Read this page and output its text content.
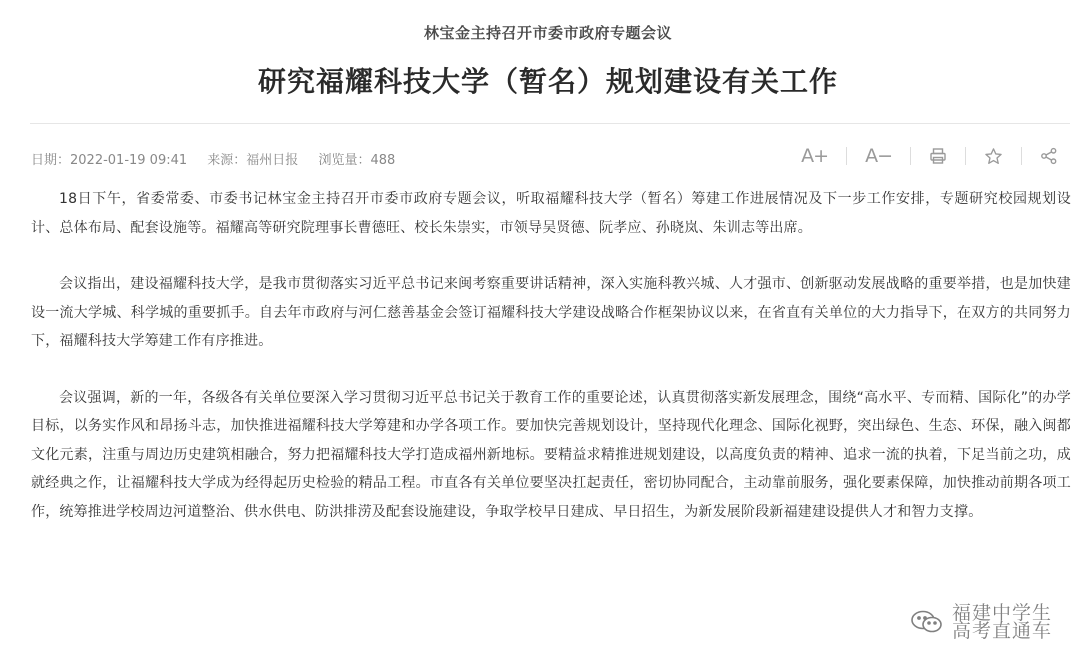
林宝金主持召开市委市政府专题会议
研究福耀科技大学（暂名）规划建设有关工作
日期：2022-01-19 09:41 来源：福州日报 浏览量：488	A+ A−

18日下午，省委常委、市委书记林宝金主持召开市委市政府专题会议，听取福耀科技大学（暂名）筹建工作进展情况及下一步工作安排，专题研究校园规划设计、总体布局、配套设施等。福耀高等研究院理事长曹德旺、校长朱崇实，市领导吴贤德、阮孝应、孙晓岚、朱训志等出席。

会议指出，建设福耀科技大学，是我市贯彻落实习近平总书记来闽考察重要讲话精神，深入实施科教兴城、人才强市、创新驱动发展战略的重要举措，也是加快建设一流大学城、科学城的重要抓手。自去年市政府与河仁慈善基金会签订福耀科技大学建设战略合作框架协议以来，在省直有关单位的大力指导下，在双方的共同努力下，福耀科技大学筹建工作有序推进。

会议强调，新的一年，各级各有关单位要深入学习贯彻习近平总书记关于教育工作的重要论述，认真贯彻落实新发展理念，围绕“高水平、专而精、国际化”的办学目标，以务实作风和昂扬斗志，加快推进福耀科技大学筹建和办学各项工作。要加快完善规划设计，坚持现代化理念、国际化视野，突出绿色、生态、环保，融入闽都文化元素，注重与周边历史建筑相融合，努力把福耀科技大学打造成福州新地标。要精益求精推进规划建设，以高度负责的精神、追求一流的执着，下足当前之功，成就经典之作，让福耀科技大学成为经得起历史检验的精品工程。市直各有关单位要坚决扛起责任，密切协同配合，主动靠前服务，强化要素保障，加快推动前期各项工作，统筹推进学校周边河道整治、供水供电、防洪排涝及配套设施建设，争取学校早日建成、早日招生，为新发展阶段新福建建设提供人才和智力支撑。

福建中学生
高考直通车
